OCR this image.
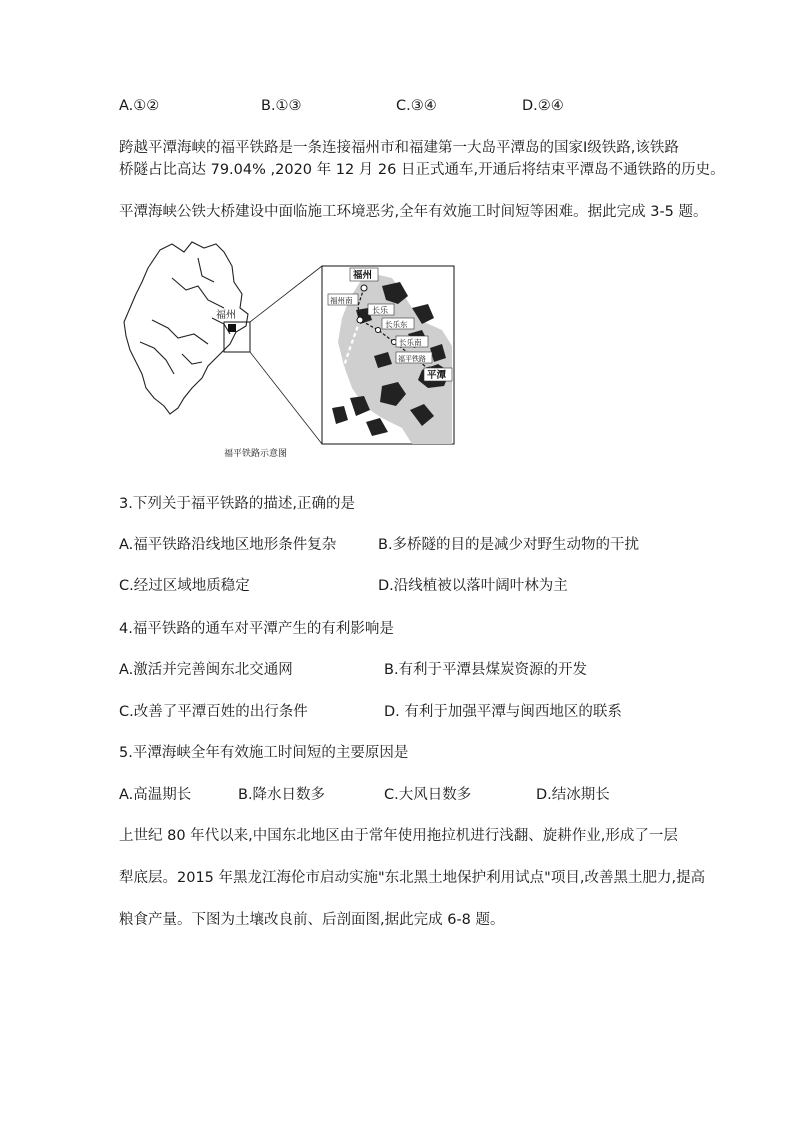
A.①②	B.①③	C.③④	D.②④
跨越平潭海峡的福平铁路是一条连接福州市和福建第一大岛平潭岛的国家Ⅰ级铁路,该铁路
桥隧占比高达 79.04% ,2020 年 12 月 26 日正式通车,开通后将结束平潭岛不通铁路的历史。
平潭海峡公铁大桥建设中面临施工环境恶劣,全年有效施工时间短等困难。据此完成 3-5 题。
福州
福州
福州南
长乐
长乐东
长乐南
福平铁路
平潭
福平铁路示意图
3.下列关于福平铁路的描述,正确的是
A.福平铁路沿线地区地形条件复杂	B.多桥隧的目的是减少对野生动物的干扰
C.经过区域地质稳定	D.沿线植被以落叶阔叶林为主
4.福平铁路的通车对平潭产生的有利影响是
A.激活并完善闽东北交通网	B.有利于平潭县煤炭资源的开发
C.改善了平潭百姓的出行条件	D. 有利于加强平潭与闽西地区的联系
5.平潭海峡全年有效施工时间短的主要原因是
A.高温期长	B.降水日数多	C.大风日数多	D.结冰期长
上世纪 80 年代以来,中国东北地区由于常年使用拖拉机进行浅翻、旋耕作业,形成了一层
犁底层。2015 年黑龙江海伦市启动实施"东北黑土地保护利用试点"项目,改善黑土肥力,提高
粮食产量。下图为土壤改良前、后剖面图,据此完成 6-8 题。
